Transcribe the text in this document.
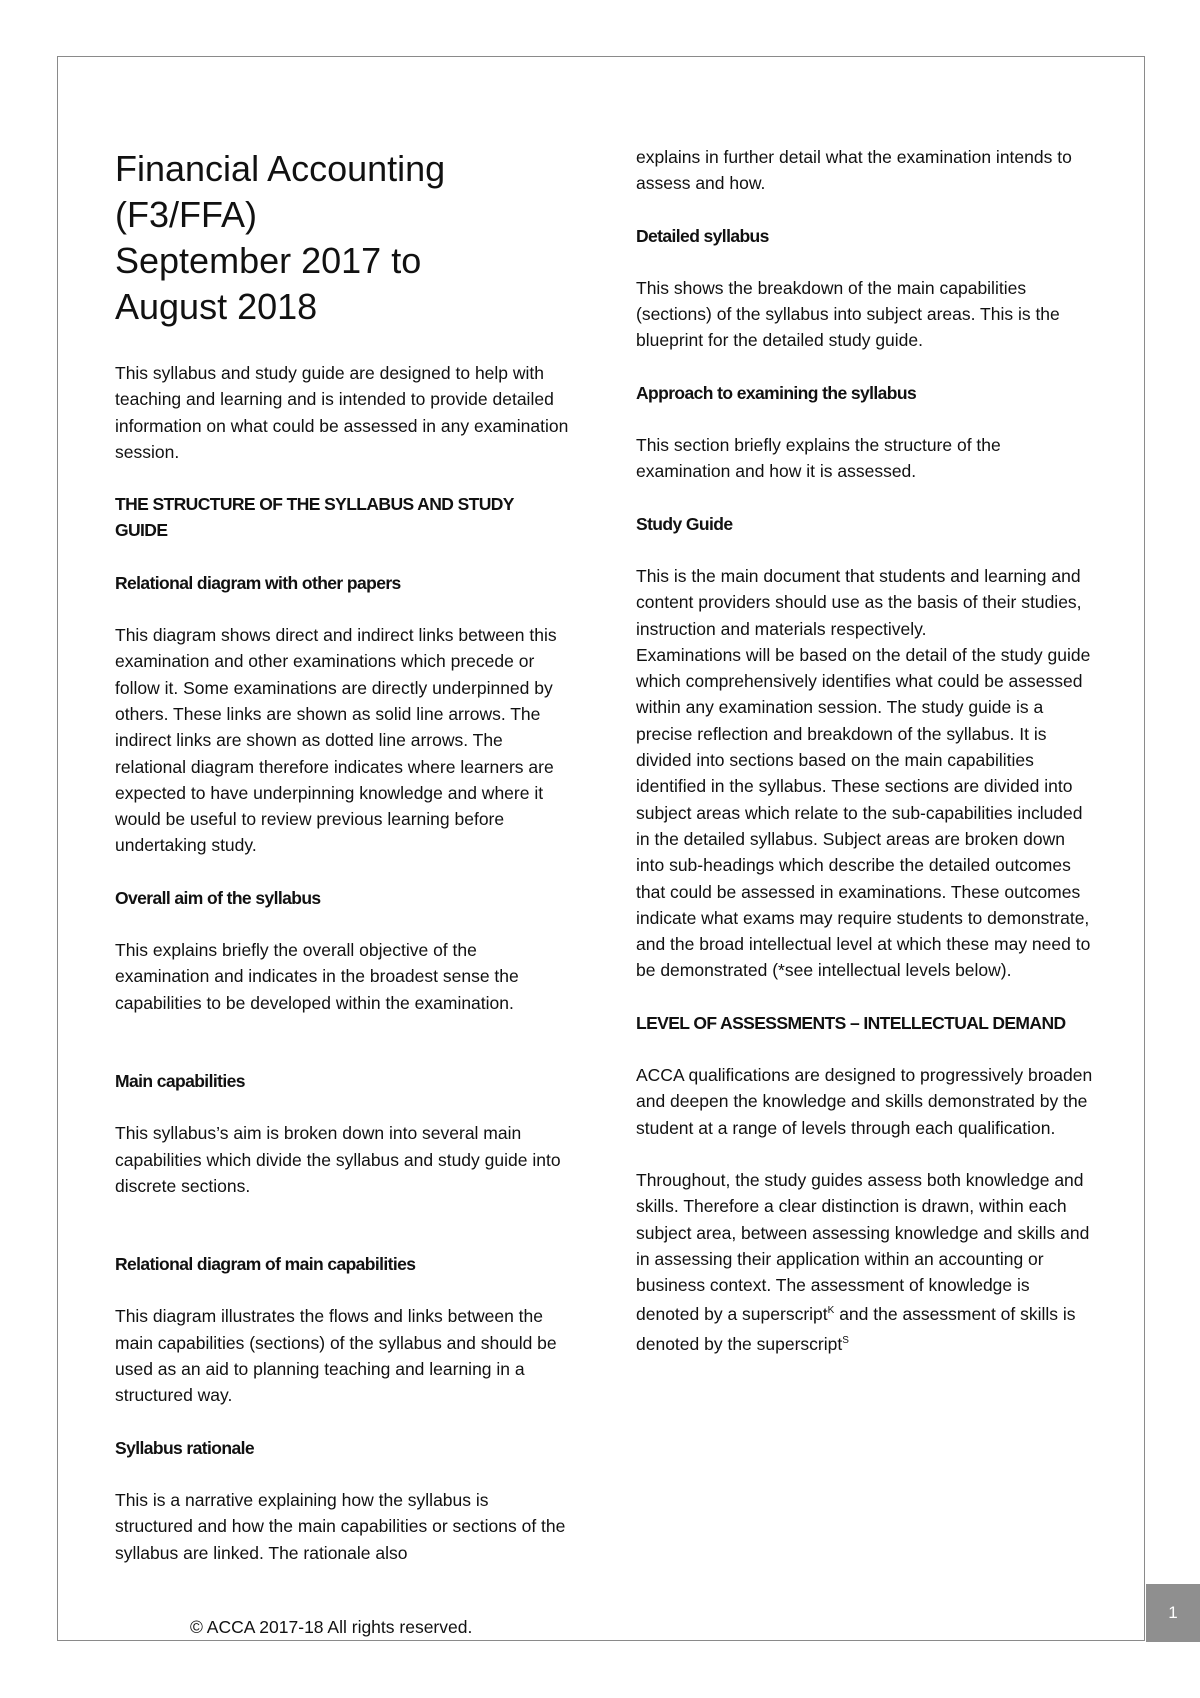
Financial Accounting
(F3/FFA)
September 2017 to
August 2018

This syllabus and study guide are designed to help with teaching and learning and is intended to provide detailed information on what could be assessed in any examination session.

THE STRUCTURE OF THE SYLLABUS AND STUDY GUIDE

Relational diagram with other papers

This diagram shows direct and indirect links between this examination and other examinations which precede or follow it. Some examinations are directly underpinned by others. These links are shown as solid line arrows. The indirect links are shown as dotted line arrows. The relational diagram therefore indicates where learners are expected to have underpinning knowledge and where it would be useful to review previous learning before undertaking study.

Overall aim of the syllabus

This explains briefly the overall objective of the examination and indicates in the broadest sense the capabilities to be developed within the examination.

Main capabilities

This syllabus’s aim is broken down into several main capabilities which divide the syllabus and study guide into discrete sections.

Relational diagram of main capabilities

This diagram illustrates the flows and links between the main capabilities (sections) of the syllabus and should be used as an aid to planning teaching and learning in a structured way.

Syllabus rationale

This is a narrative explaining how the syllabus is structured and how the main capabilities or sections of the syllabus are linked. The rationale also

explains in further detail what the examination intends to assess and how.

Detailed syllabus

This shows the breakdown of the main capabilities (sections) of the syllabus into subject areas. This is the blueprint for the detailed study guide.

Approach to examining the syllabus

This section briefly explains the structure of the examination and how it is assessed.

Study Guide

This is the main document that students and learning and content providers should use as the basis of their studies, instruction and materials respectively.

Examinations will be based on the detail of the study guide which comprehensively identifies what could be assessed within any examination session. The study guide is a precise reflection and breakdown of the syllabus. It is divided into sections based on the main capabilities identified in the syllabus. These sections are divided into subject areas which relate to the sub-capabilities included in the detailed syllabus. Subject areas are broken down into sub-headings which describe the detailed outcomes that could be assessed in examinations. These outcomes indicate what exams may require students to demonstrate, and the broad intellectual level at which these may need to be demonstrated (*see intellectual levels below).

LEVEL OF ASSESSMENTS – INTELLECTUAL DEMAND

ACCA qualifications are designed to progressively broaden and deepen the knowledge and skills demonstrated by the student at a range of levels through each qualification.

Throughout, the study guides assess both knowledge and skills. Therefore a clear distinction is drawn, within each subject area, between assessing knowledge and skills and in assessing their application within an accounting or business context. The assessment of knowledge is denoted by a superscript$^K$ and the assessment of skills is denoted by the superscript$^S$

© ACCA 2017-18 All rights reserved.
1
